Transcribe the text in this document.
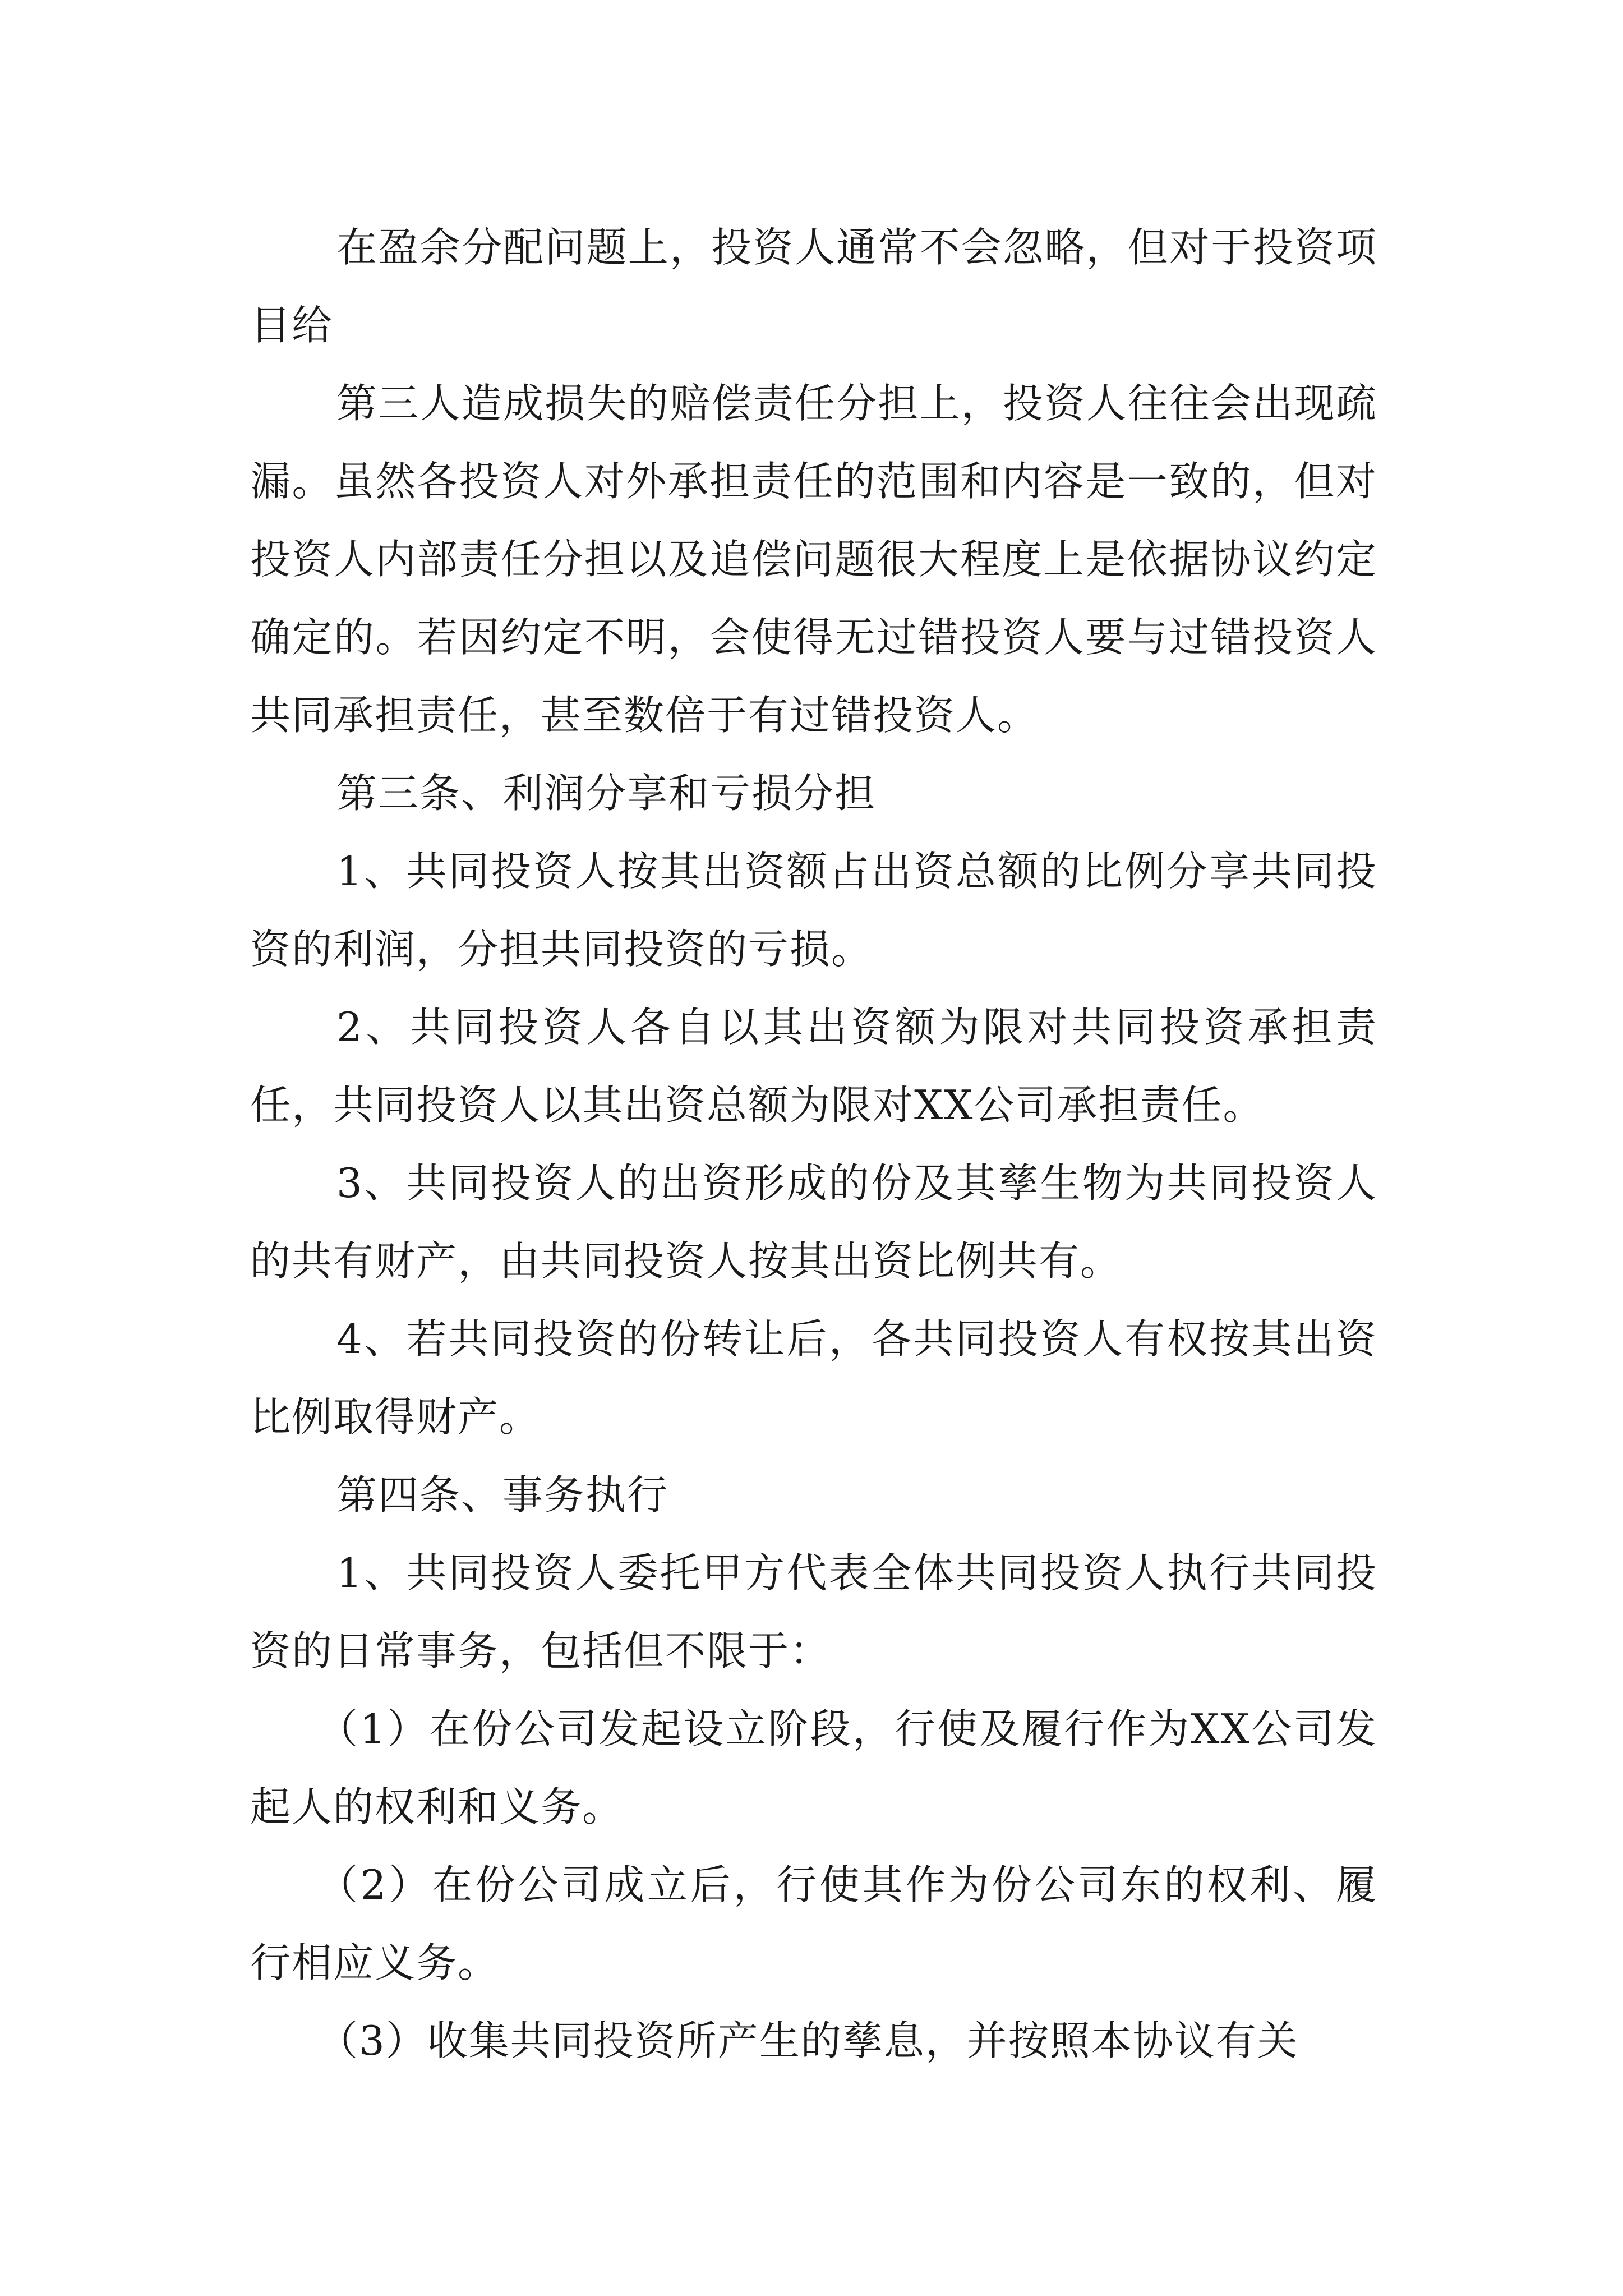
在盈余分配问题上，投资人通常不会忽略，但对于投资项目给

第三人造成损失的赔偿责任分担上，投资人往往会出现疏漏。虽然各投资人对外承担责任的范围和内容是一致的，但对投资人内部责任分担以及追偿问题很大程度上是依据协议约定确定的。若因约定不明，会使得无过错投资人要与过错投资人共同承担责任，甚至数倍于有过错投资人。

第三条、利润分享和亏损分担

1、共同投资人按其出资额占出资总额的比例分享共同投资的利润，分担共同投资的亏损。

2、共同投资人各自以其出资额为限对共同投资承担责任，共同投资人以其出资总额为限对XX公司承担责任。

3、共同投资人的出资形成的份及其孳生物为共同投资人的共有财产，由共同投资人按其出资比例共有。

4、若共同投资的份转让后，各共同投资人有权按其出资比例取得财产。

第四条、事务执行

1、共同投资人委托甲方代表全体共同投资人执行共同投资的日常事务，包括但不限于：

（1）在份公司发起设立阶段，行使及履行作为XX公司发起人的权利和义务。

（2）在份公司成立后，行使其作为份公司东的权利、履行相应义务。

（3）收集共同投资所产生的孳息，并按照本协议有关
